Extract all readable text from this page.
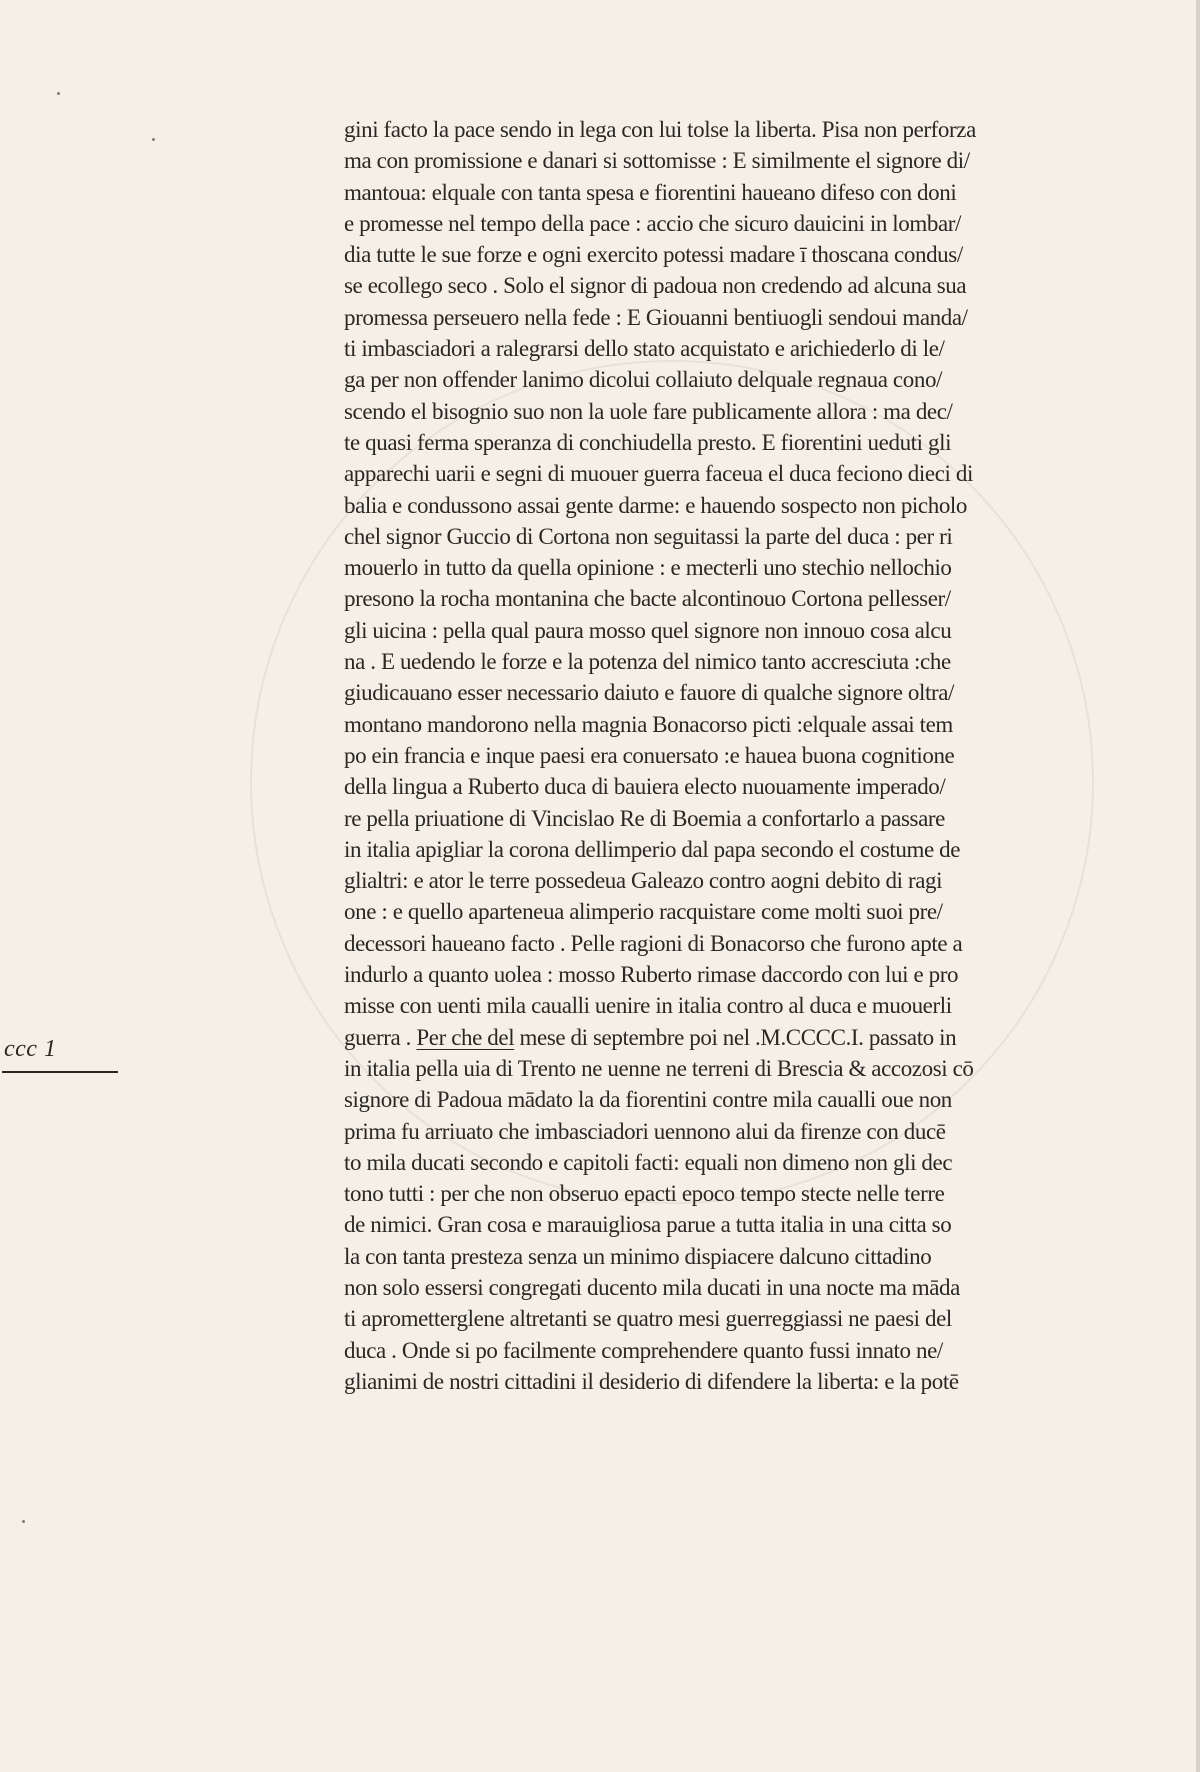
ccc 1

gini facto la pace sendo in lega con lui tolse la liberta. Pisa non perforza

ma con promissione e danari si sottomisse : E similmente el signore di/

mantoua: elquale con tanta spesa e fiorentini haueano difeso con doni

e promesse nel tempo della pace : accio che sicuro dauicini in lombar/

dia tutte le sue forze e ogni exercito potessi madare ī thoscana condus/

se ecollego seco . Solo el signor di padoua non credendo ad alcuna sua

promessa perseuero nella fede : E Giouanni bentiuogli sendoui manda/

ti imbasciadori a ralegrarsi dello stato acquistato e arichiederlo di le/

ga per non offender lanimo dicolui collaiuto delquale regnaua cono/

scendo el bisognio suo non la uole fare publicamente allora : ma dec/

te quasi ferma speranza di conchiudella presto. E fiorentini ueduti gli

apparechi uarii e segni di muouer guerra faceua el duca feciono dieci di

balia e condussono assai gente darme: e hauendo sospecto non picholo

chel signor Guccio di Cortona non seguitassi la parte del duca : per ri

mouerlo in tutto da quella opinione : e mecterli uno stechio nellochio

presono la rocha montanina che bacte alcontinouo Cortona pellesser/

gli uicina : pella qual paura mosso quel signore non innouo cosa alcu

na . E uedendo le forze e la potenza del nimico tanto accresciuta :che

giudicauano esser necessario daiuto e fauore di qualche signore oltra/

montano mandorono nella magnia Bonacorso picti :elquale assai tem

po ein francia e inque paesi era conuersato :e hauea buona cognitione

della lingua a Ruberto duca di bauiera electo nuouamente imperado/

re pella priuatione di Vincislao Re di Boemia a confortarlo a passare

in italia apigliar la corona dellimperio dal papa secondo el costume de

glialtri: e ator le terre possedeua Galeazo contro aogni debito di ragi

one : e quello aparteneua alimperio racquistare come molti suoi pre/

decessori haueano facto . Pelle ragioni di Bonacorso che furono apte a

indurlo a quanto uolea : mosso Ruberto rimase daccordo con lui e pro

misse con uenti mila caualli uenire in italia contro al duca e muouerli

guerra . Per che del mese di septembre poi nel .M.CCCC.I. passato in

in italia pella uia di Trento ne uenne ne terreni di Brescia & accozosi cō

signore di Padoua mādato la da fiorentini contre mila caualli oue non

prima fu arriuato che imbasciadori uennono alui da firenze con ducē

to mila ducati secondo e capitoli facti: equali non dimeno non gli dec

tono tutti : per che non obseruo epacti epoco tempo stecte nelle terre

de nimici. Gran cosa e marauigliosa parue a tutta italia in una citta so

la con tanta presteza senza un minimo dispiacere dalcuno cittadino

non solo essersi congregati ducento mila ducati in una nocte ma māda

ti aprometterglene altretanti se quatro mesi guerreggiassi ne paesi del

duca . Onde si po facilmente comprehendere quanto fussi innato ne/

glianimi de nostri cittadini il desiderio di difendere la liberta: e la potē
